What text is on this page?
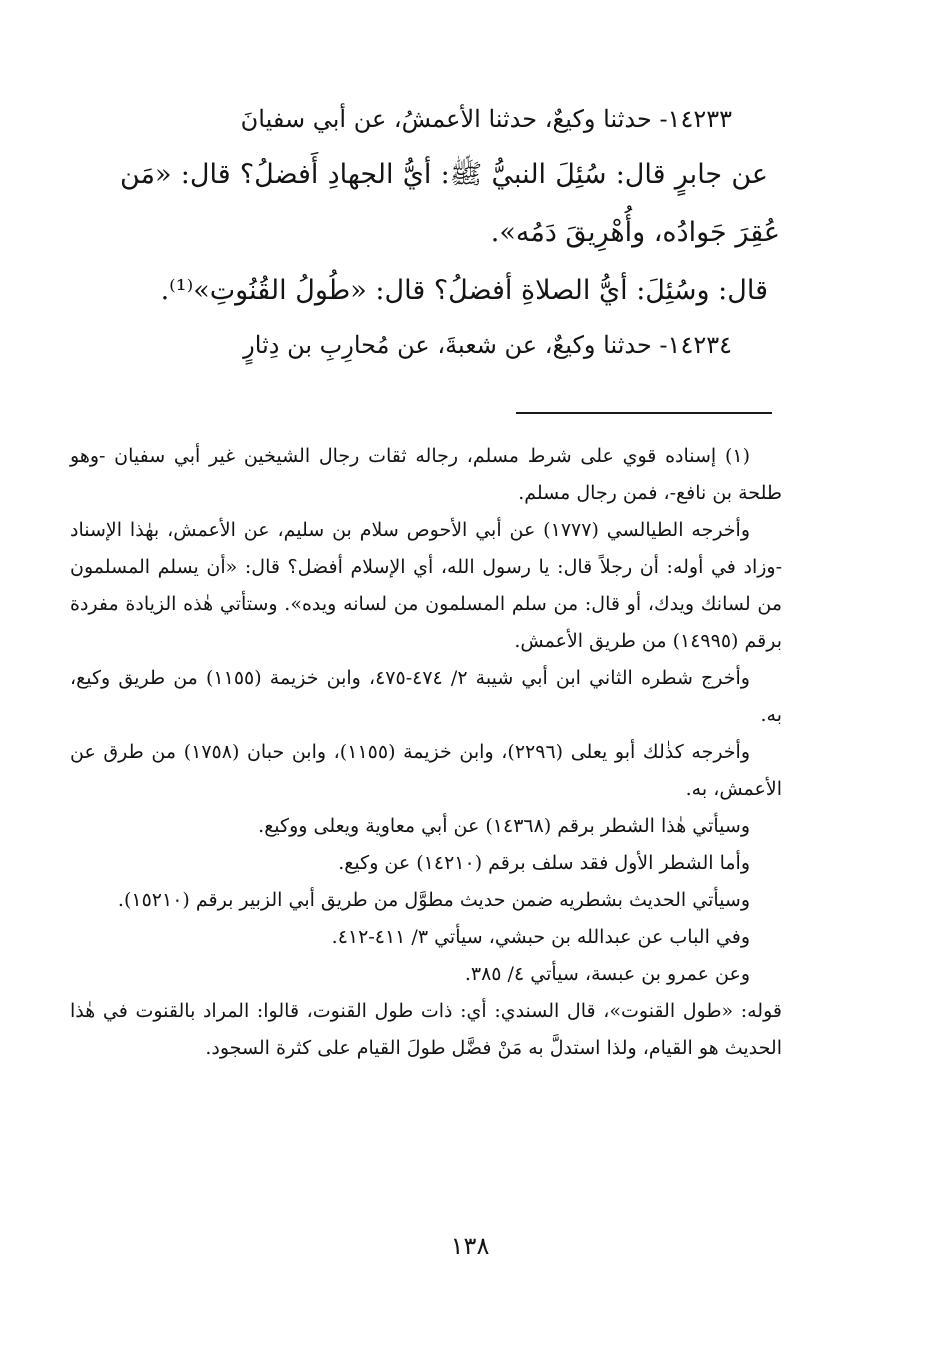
١٤٢٣٣- حدثنا وكيعٌ، حدثنا الأعمشُ، عن أبي سفيانَ

عن جابرٍ قال: سُئِلَ النبيُّ ﷺ: أيُّ الجهادِ أَفضلُ؟ قال: «مَن عُقِرَ جَوادُه، وأُهْرِيقَ دَمُه».

قال: وسُئِلَ: أيُّ الصلاةِ أفضلُ؟ قال: «طُولُ القُنُوتِ»⁽¹⁾.

١٤٢٣٤- حدثنا وكيعٌ، عن شعبةَ، عن مُحارِبِ بن دِثارٍ

(١) إسناده قوي على شرط مسلم، رجاله ثقات رجال الشيخين غير أبي سفيان -وهو طلحة بن نافع-، فمن رجال مسلم.

وأخرجه الطيالسي (١٧٧٧) عن أبي الأحوص سلام بن سليم، عن الأعمش، بهٰذا الإسناد -وزاد في أوله: أن رجلاً قال: يا رسول الله، أي الإسلام أفضل؟ قال: «أن يسلم المسلمون من لسانك ويدك، أو قال: من سلم المسلمون من لسانه ويده». وستأتي هٰذه الزيادة مفردة برقم (١٤٩٩٥) من طريق الأعمش.

وأخرج شطره الثاني ابن أبي شيبة ٢/ ٤٧٤-٤٧٥، وابن خزيمة (١١٥٥) من طريق وكيع، به.

وأخرجه كذٰلك أبو يعلى (٢٢٩٦)، وابن خزيمة (١١٥٥)، وابن حبان (١٧٥٨) من طرق عن الأعمش، به.

وسيأتي هٰذا الشطر برقم (١٤٣٦٨) عن أبي معاوية ويعلى ووكيع.

وأما الشطر الأول فقد سلف برقم (١٤٢١٠) عن وكيع.

وسيأتي الحديث بشطريه ضمن حديث مطوَّل من طريق أبي الزبير برقم (١٥٢١٠).

وفي الباب عن عبدالله بن حبشي، سيأتي ٣/ ٤١١-٤١٢.

وعن عمرو بن عبسة، سيأتي ٤/ ٣٨٥.

قوله: «طول القنوت»، قال السندي: أي: ذات طول القنوت، قالوا: المراد بالقنوت في هٰذا الحديث هو القيام، ولذا استدلَّ به مَنْ فضَّل طولَ القيام على كثرة السجود.

١٣٨
